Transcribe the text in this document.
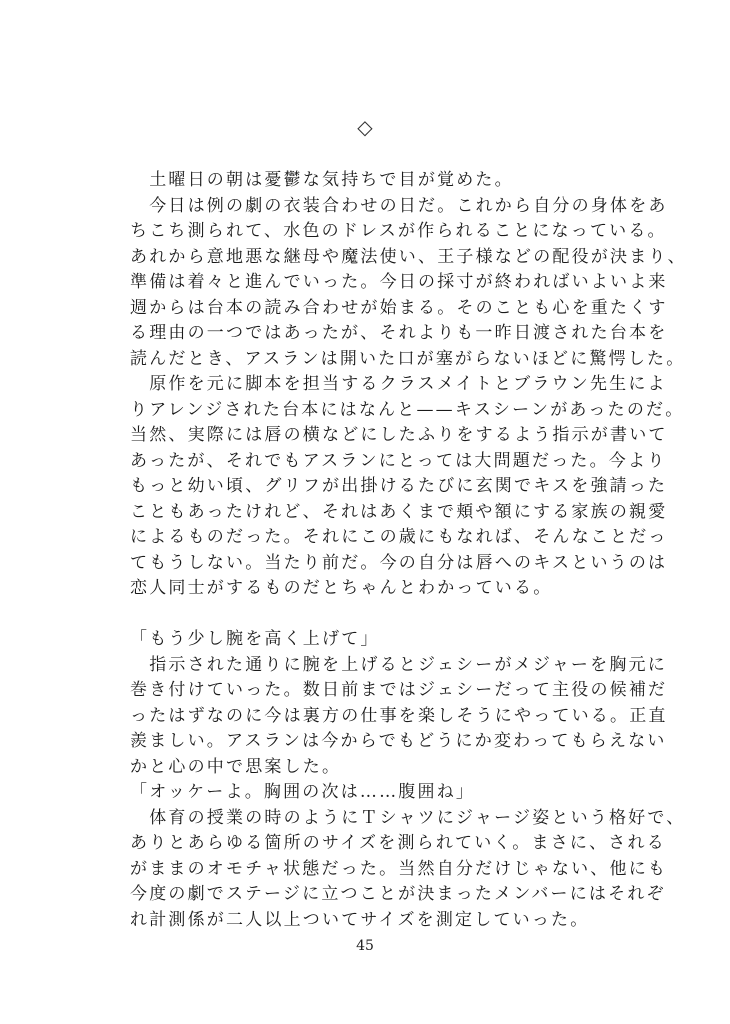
◇
　土曜日の朝は憂鬱な気持ちで目が覚めた。
　今日は例の劇の衣装合わせの日だ。これから自分の身体をあ
ちこち測られて、水色のドレスが作られることになっている。
あれから意地悪な継母や魔法使い、王子様などの配役が決まり、
準備は着々と進んでいった。今日の採寸が終わればいよいよ来
週からは台本の読み合わせが始まる。そのことも心を重たくす
る理由の一つではあったが、それよりも一昨日渡された台本を
読んだとき、アスランは開いた口が塞がらないほどに驚愕した。
　原作を元に脚本を担当するクラスメイトとブラウン先生によ
りアレンジされた台本にはなんと——キスシーンがあったのだ。
当然、実際には唇の横などにしたふりをするよう指示が書いて
あったが、それでもアスランにとっては大問題だった。今より
もっと幼い頃、グリフが出掛けるたびに玄関でキスを強請った
こともあったけれど、それはあくまで頬や額にする家族の親愛
によるものだった。それにこの歳にもなれば、そんなことだっ
てもうしない。当たり前だ。今の自分は唇へのキスというのは
恋人同士がするものだとちゃんとわかっている。
「もう少し腕を高く上げて」
　指示された通りに腕を上げるとジェシーがメジャーを胸元に
巻き付けていった。数日前まではジェシーだって主役の候補だ
ったはずなのに今は裏方の仕事を楽しそうにやっている。正直
羨ましい。アスランは今からでもどうにか変わってもらえない
かと心の中で思案した。
「オッケーよ。胸囲の次は……腹囲ね」
　体育の授業の時のようにＴシャツにジャージ姿という格好で、
ありとあらゆる箇所のサイズを測られていく。まさに、される
がままのオモチャ状態だった。当然自分だけじゃない、他にも
今度の劇でステージに立つことが決まったメンバーにはそれぞ
れ計測係が二人以上ついてサイズを測定していった。
45
